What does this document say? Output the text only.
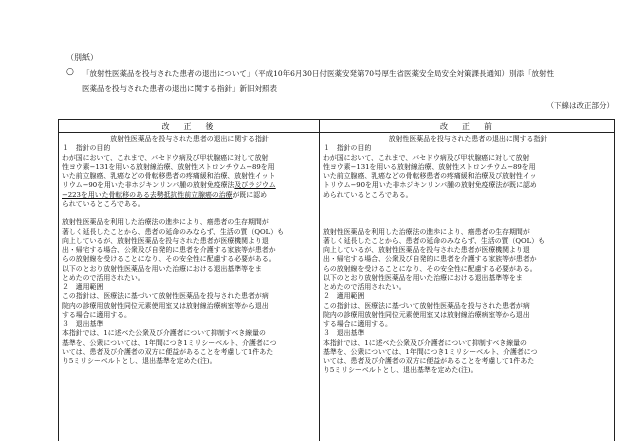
（別紙）
○ 「放射性医薬品を投与された患者の退出について」（平成10年6月30日付医薬安発第70号厚生省医薬安全局安全対策課長通知）別添「放射性
医薬品を投与された患者の退出に関する指針」新旧対照表
（下線は改正部分）
改　正　後	改　正　前
放射性医薬品を投与された患者の退出に関する指針
１　指針の目的
わが国において、これまで、バセドウ病及び甲状腺癌に対して放射
性ヨウ素−131を用いる放射線治療、放射性ストロンチウム−89を用
いた前立腺癌、乳癌などの骨転移患者の疼痛緩和治療、放射性イット
リウム−90を用いた非ホジキンリンパ腫の放射免疫療法及びラジウム
−223を用いた骨転移のある去勢抵抗性前立腺癌の治療が既に認め
られているところである。
放射性医薬品を利用した治療法の進歩により、癌患者の生存期間が
著しく延長したことから、患者の延命のみならず、生活の質（QOL）も
向上しているが、放射性医薬品を投与された患者が医療機関より退
出・帰宅する場合、公衆及び自発的に患者を介護する家族等が患者か
らの放射線を受けることになり、その安全性に配慮する必要がある。
以下のとおり放射性医薬品を用いた治療における退出基準等をま
とめたので活用されたい。
２　適用範囲
この指針は、医療法に基づいて放射性医薬品を投与された患者が病
院内の診療用放射性同位元素使用室又は放射線治療病室等から退出
する場合に適用する。
３　退出基準
本指針では、1に述べた公衆及び介護者について抑制すべき線量の
基準を、公衆については、1年間につき1ミリシーベルト、介護者につ
いては、患者及び介護者の双方に便益があることを考慮して1件あた
り5ミリシーベルトとし、退出基準を定めた(注)。
放射性医薬品を投与された患者の退出に関する指針
１　指針の目的
わが国において、これまで、バセドウ病及び甲状腺癌に対して放射
性ヨウ素−131を用いる放射線治療、放射性ストロンチウム−89を用
いた前立腺癌、乳癌などの骨転移患者の疼痛緩和治療及び放射性イッ
トリウム−90を用いた非ホジキンリンパ腫の放射免疫療法が既に認め
められているところである。
放射性医薬品を利用した治療法の進歩により、癌患者の生存期間が
著しく延長したことから、患者の延命のみならず、生活の質（QOL）も
向上しているが、放射性医薬品を投与された患者が医療機関より退
出・帰宅する場合、公衆及び自発的に患者を介護する家族等が患者か
らの放射線を受けることになり、その安全性に配慮する必要がある。
以下のとおり放射性医薬品を用いた治療における退出基準等をま
とめたので活用されたい。
２　適用範囲
この指針は、医療法に基づいて放射性医薬品を投与された患者が病
院内の診療用放射性同位元素使用室又は放射線治療病室等から退出
する場合に適用する。
３　退出基準
本指針では、1に述べた公衆及び介護者について抑制すべき線量の
基準を、公衆については、1年間につき1ミリシーベルト、介護者につ
いては、患者及び介護者の双方に便益があることを考慮して1件あた
り5ミリシーベルトとし、退出基準を定めた(注)。
